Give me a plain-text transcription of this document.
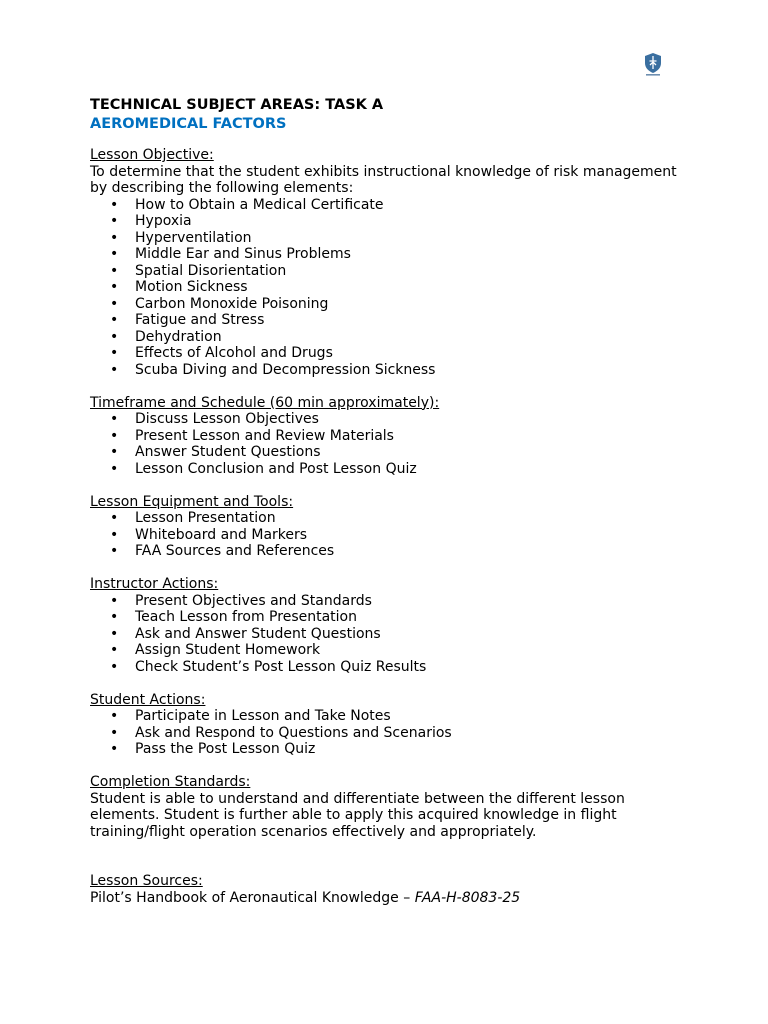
TECHNICAL SUBJECT AREAS: TASK A

AEROMEDICAL FACTORS

Lesson Objective:

To determine that the student exhibits instructional knowledge of risk management by describing the following elements:

• How to Obtain a Medical Certificate
• Hypoxia
• Hyperventilation
• Middle Ear and Sinus Problems
• Spatial Disorientation
• Motion Sickness
• Carbon Monoxide Poisoning
• Fatigue and Stress
• Dehydration
• Effects of Alcohol and Drugs
• Scuba Diving and Decompression Sickness

Timeframe and Schedule (60 min approximately):

• Discuss Lesson Objectives
• Present Lesson and Review Materials
• Answer Student Questions
• Lesson Conclusion and Post Lesson Quiz

Lesson Equipment and Tools:

• Lesson Presentation
• Whiteboard and Markers
• FAA Sources and References

Instructor Actions:

• Present Objectives and Standards
• Teach Lesson from Presentation
• Ask and Answer Student Questions
• Assign Student Homework
• Check Student’s Post Lesson Quiz Results

Student Actions:

• Participate in Lesson and Take Notes
• Ask and Respond to Questions and Scenarios
• Pass the Post Lesson Quiz

Completion Standards:

Student is able to understand and differentiate between the different lesson elements. Student is further able to apply this acquired knowledge in flight training/flight operation scenarios effectively and appropriately.

Lesson Sources:

Pilot’s Handbook of Aeronautical Knowledge – FAA-H-8083-25
